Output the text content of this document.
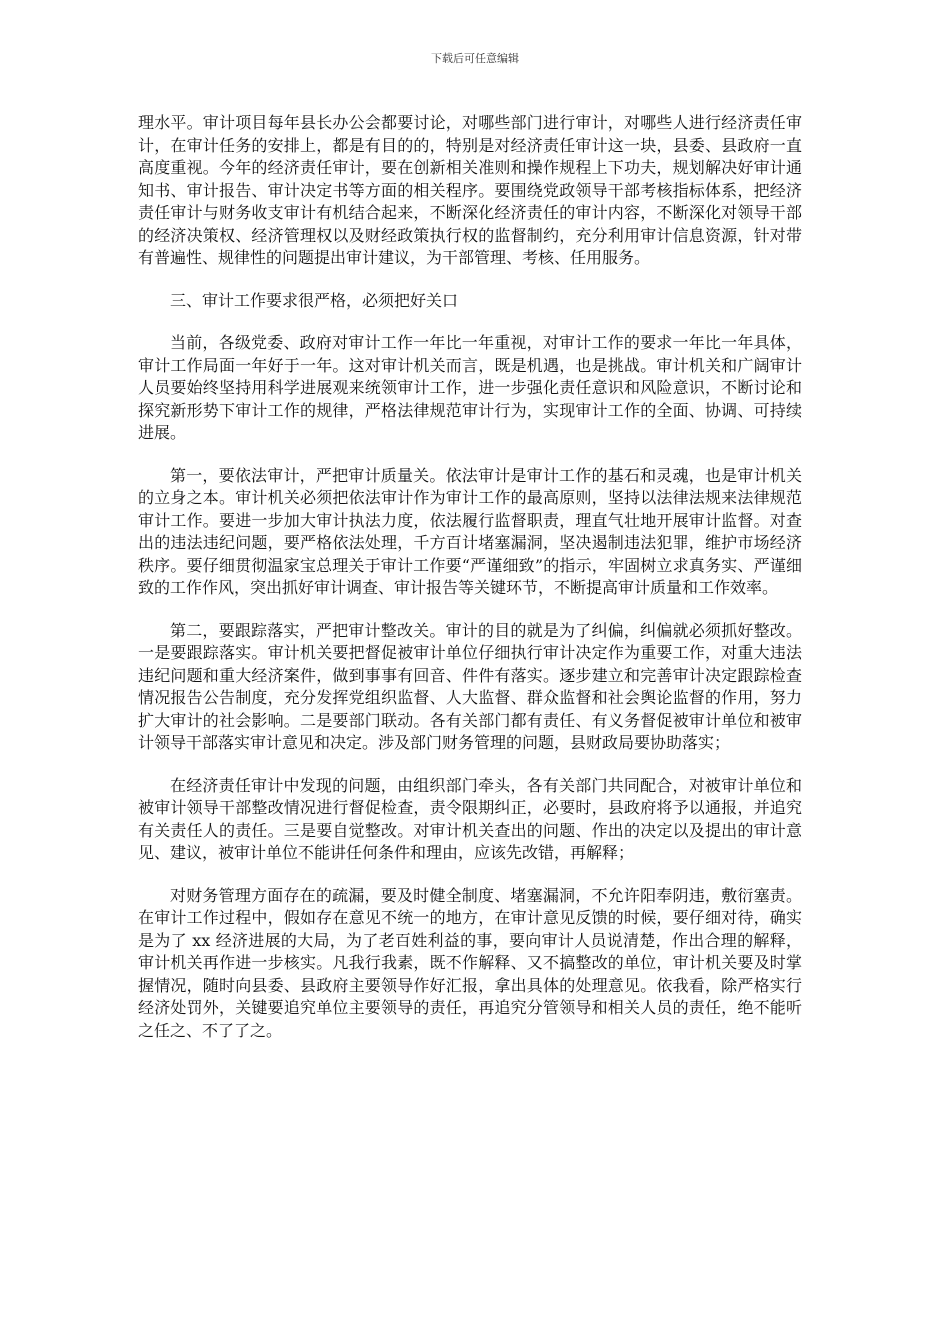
下载后可任意编辑

理水平。审计项目每年县长办公会都要讨论，对哪些部门进行审计，对哪些人进行经济责任审计，在审计任务的安排上，都是有目的的，特别是对经济责任审计这一块，县委、县政府一直高度重视。今年的经济责任审计，要在创新相关准则和操作规程上下功夫，规划解决好审计通知书、审计报告、审计决定书等方面的相关程序。要围绕党政领导干部考核指标体系，把经济责任审计与财务收支审计有机结合起来，不断深化经济责任的审计内容，不断深化对领导干部的经济决策权、经济管理权以及财经政策执行权的监督制约，充分利用审计信息资源，针对带有普遍性、规律性的问题提出审计建议，为干部管理、考核、任用服务。

三、审计工作要求很严格，必须把好关口

当前，各级党委、政府对审计工作一年比一年重视，对审计工作的要求一年比一年具体，审计工作局面一年好于一年。这对审计机关而言，既是机遇，也是挑战。审计机关和广阔审计人员要始终坚持用科学进展观来统领审计工作，进一步强化责任意识和风险意识，不断讨论和探究新形势下审计工作的规律，严格法律规范审计行为，实现审计工作的全面、协调、可持续进展。

第一，要依法审计，严把审计质量关。依法审计是审计工作的基石和灵魂，也是审计机关的立身之本。审计机关必须把依法审计作为审计工作的最高原则，坚持以法律法规来法律规范审计工作。要进一步加大审计执法力度，依法履行监督职责，理直气壮地开展审计监督。对查出的违法违纪问题，要严格依法处理，千方百计堵塞漏洞，坚决遏制违法犯罪，维护市场经济秩序。要仔细贯彻温家宝总理关于审计工作要“严谨细致”的指示，牢固树立求真务实、严谨细致的工作作风，突出抓好审计调查、审计报告等关键环节，不断提高审计质量和工作效率。

第二，要跟踪落实，严把审计整改关。审计的目的就是为了纠偏，纠偏就必须抓好整改。一是要跟踪落实。审计机关要把督促被审计单位仔细执行审计决定作为重要工作，对重大违法违纪问题和重大经济案件，做到事事有回音、件件有落实。逐步建立和完善审计决定跟踪检查情况报告公告制度，充分发挥党组织监督、人大监督、群众监督和社会舆论监督的作用，努力扩大审计的社会影响。二是要部门联动。各有关部门都有责任、有义务督促被审计单位和被审计领导干部落实审计意见和决定。涉及部门财务管理的问题，县财政局要协助落实；

在经济责任审计中发现的问题，由组织部门牵头，各有关部门共同配合，对被审计单位和被审计领导干部整改情况进行督促检查，责令限期纠正，必要时，县政府将予以通报，并追究有关责任人的责任。三是要自觉整改。对审计机关查出的问题、作出的决定以及提出的审计意见、建议，被审计单位不能讲任何条件和理由，应该先改错，再解释；

对财务管理方面存在的疏漏，要及时健全制度、堵塞漏洞，不允许阳奉阴违，敷衍塞责。在审计工作过程中，假如存在意见不统一的地方，在审计意见反馈的时候，要仔细对待，确实是为了 xx 经济进展的大局，为了老百姓利益的事，要向审计人员说清楚，作出合理的解释，审计机关再作进一步核实。凡我行我素，既不作解释、又不搞整改的单位，审计机关要及时掌握情况，随时向县委、县政府主要领导作好汇报，拿出具体的处理意见。依我看，除严格实行经济处罚外，关键要追究单位主要领导的责任，再追究分管领导和相关人员的责任，绝不能听之任之、不了了之。
